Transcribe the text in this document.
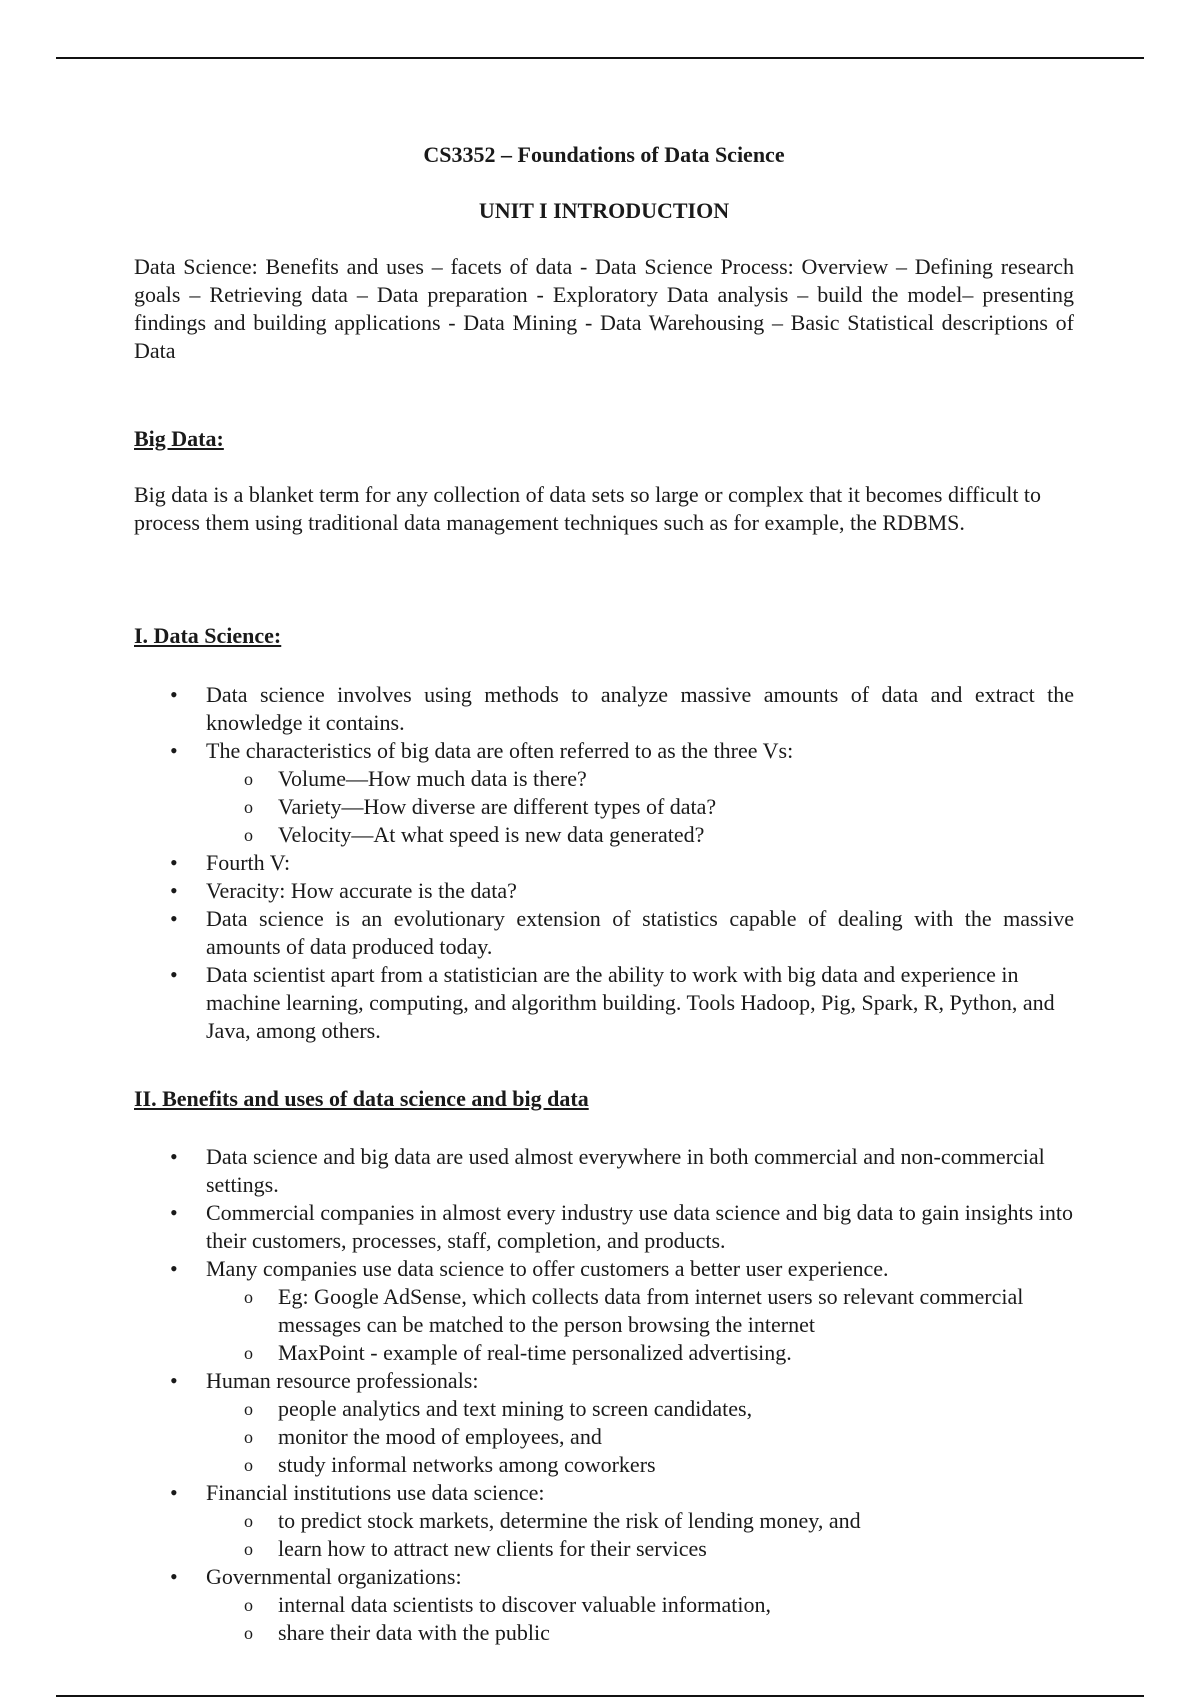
CS3352 – Foundations of Data Science
UNIT I INTRODUCTION

Data Science: Benefits and uses – facets of data - Data Science Process: Overview – Defining research goals – Retrieving data – Data preparation - Exploratory Data analysis – build the model– presenting findings and building applications - Data Mining - Data Warehousing – Basic Statistical descriptions of Data

Big Data:

Big data is a blanket term for any collection of data sets so large or complex that it becomes difficult to process them using traditional data management techniques such as for example, the RDBMS.

I. Data Science:

• Data science involves using methods to analyze massive amounts of data and extract the knowledge it contains.
• The characteristics of big data are often referred to as the three Vs:
o Volume—How much data is there?
o Variety—How diverse are different types of data?
o Velocity—At what speed is new data generated?
• Fourth V:
• Veracity: How accurate is the data?
• Data science is an evolutionary extension of statistics capable of dealing with the massive amounts of data produced today.
• Data scientist apart from a statistician are the ability to work with big data and experience in machine learning, computing, and algorithm building. Tools Hadoop, Pig, Spark, R, Python, and Java, among others.

II. Benefits and uses of data science and big data

• Data science and big data are used almost everywhere in both commercial and non-commercial settings.
• Commercial companies in almost every industry use data science and big data to gain insights into their customers, processes, staff, completion, and products.
• Many companies use data science to offer customers a better user experience.
o Eg: Google AdSense, which collects data from internet users so relevant commercial messages can be matched to the person browsing the internet
o MaxPoint - example of real-time personalized advertising.
• Human resource professionals:
o people analytics and text mining to screen candidates,
o monitor the mood of employees, and
o study informal networks among coworkers
• Financial institutions use data science:
o to predict stock markets, determine the risk of lending money, and
o learn how to attract new clients for their services
• Governmental organizations:
o internal data scientists to discover valuable information,
o share their data with the public
